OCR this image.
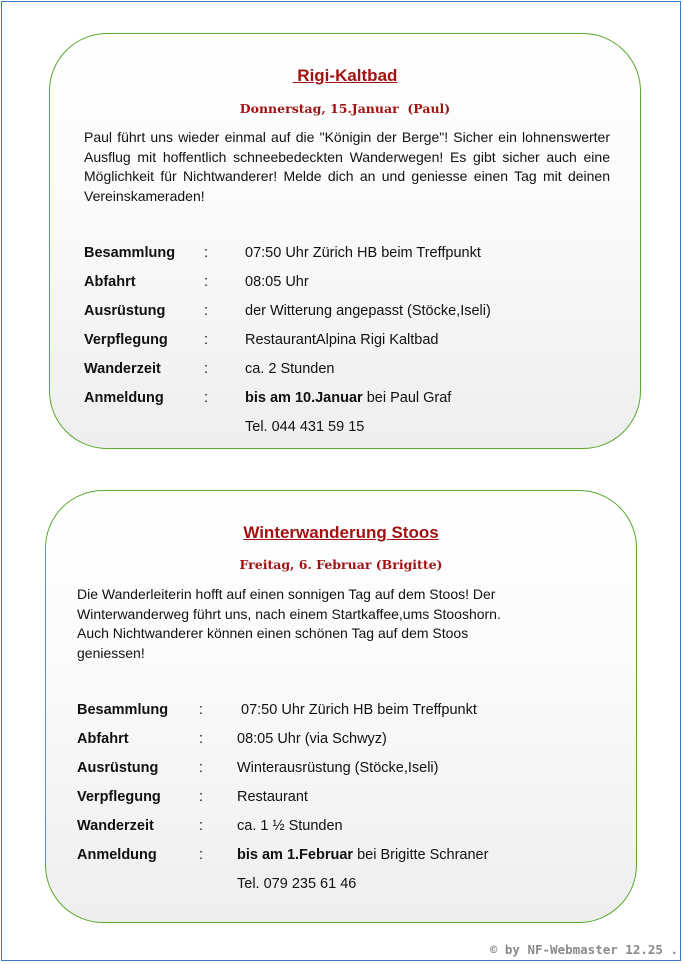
Rigi-Kaltbad
Donnerstag, 15.Januar  (Paul)

Paul führt uns wieder einmal auf die "Königin der Berge"! Sicher ein lohnenswerter Ausflug mit hoffentlich schneebedeckten Wanderwegen! Es gibt sicher auch eine Möglichkeit für Nichtwanderer! Melde dich an und geniesse einen Tag mit deinen Vereinskameraden!

Besammlung :	07:50 Uhr Zürich HB beim Treffpunkt
Abfahrt	:	08:05 Uhr
Ausrüstung	:	der Witterung angepasst (Stöcke,Iseli)
Verpflegung :	RestaurantAlpina Rigi Kaltbad
Wanderzeit	:	ca. 2 Stunden
Anmeldung	:	bis am 10.Januar bei Paul Graf
Tel. 044 431 59 15
Winterwanderung Stoos
Freitag, 6. Februar (Brigitte)
Die Wanderleiterin hofft auf einen sonnigen Tag auf dem Stoos! Der
Winterwanderweg führt uns, nach einem Startkaffee,ums Stooshorn.
Auch Nichtwanderer können einen schönen Tag auf dem Stoos
geniessen!
Besammlung : 07:50 Uhr Zürich HB beim Treffpunkt
Abfahrt	: 08:05 Uhr (via Schwyz)
Ausrüstung	: Winterausrüstung (Stöcke,Iseli)
Verpflegung	: Restaurant
Wanderzeit	: ca. 1 ½ Stunden
Anmeldung	: bis am 1.Februar bei Brigitte Schraner
Tel. 079 235 61 46
© by NF-Webmaster 12.25 .
